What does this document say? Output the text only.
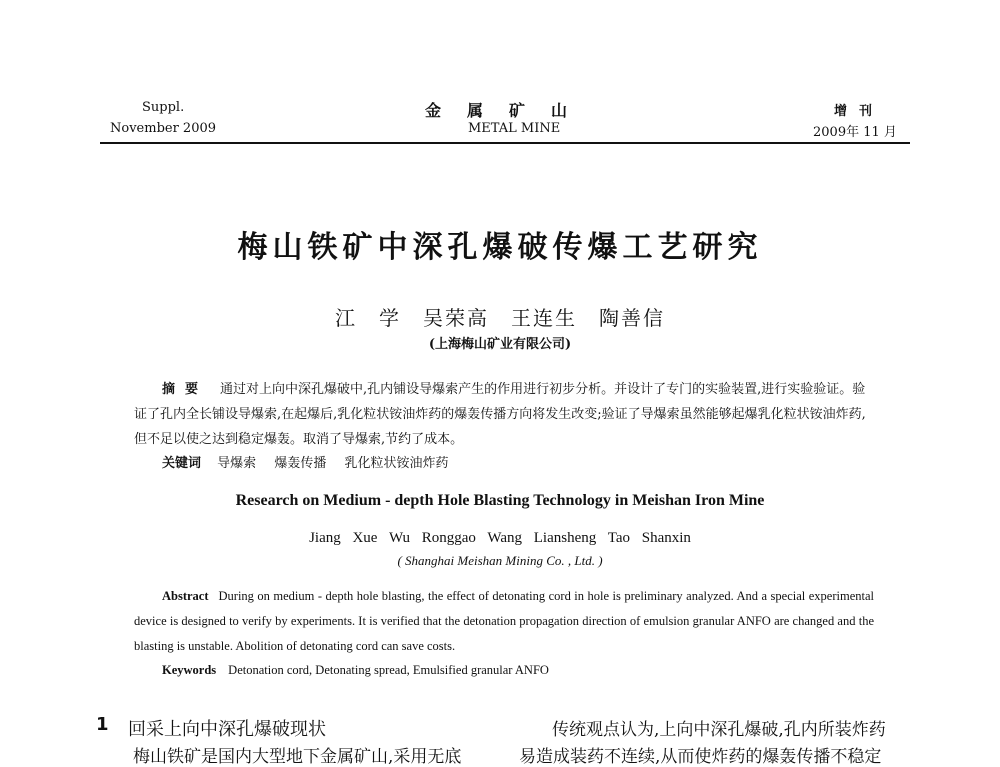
Suppl.
November 2009
金属矿山
METAL MINE
增刊
2009年 11 月
梅山铁矿中深孔爆破传爆工艺研究
江　学　吴荣高　王连生　陶善信
(上海梅山矿业有限公司)
摘要 通过对上向中深孔爆破中,孔内铺设导爆索产生的作用进行初步分析。并设计了专门的实验装置,进行实验验证。验证了孔内全长铺设导爆索,在起爆后,乳化粒状铵油炸药的爆轰传播方向将发生改变;验证了导爆索虽然能够起爆乳化粒状铵油炸药,但不足以使之达到稳定爆轰。取消了导爆索,节约了成本。
关键词 导爆索 爆轰传播 乳化粒状铵油炸药
Research on Medium - depth Hole Blasting Technology in Meishan Iron Mine
Jiang Xue Wu Ronggao Wang Liansheng Tao Shanxin
( Shanghai Meishan Mining Co. , Ltd. )
Abstract During on medium - depth hole blasting, the effect of detonating cord in hole is preliminary analyzed. And a special experimental device is designed to verify by experiments. It is verified that the detonation propagation direction of emulsion granular ANFO are changed and the blasting is unstable. Abolition of detonating cord can save costs.
Keywords Detonation cord, Detonating spread, Emulsified granular ANFO
1 回采上向中深孔爆破现状
梅山铁矿是国内大型地下金属矿山,采用无底
传统观点认为,上向中深孔爆破,孔内所装炸药
易造成装药不连续,从而使炸药的爆轰传播不稳定
